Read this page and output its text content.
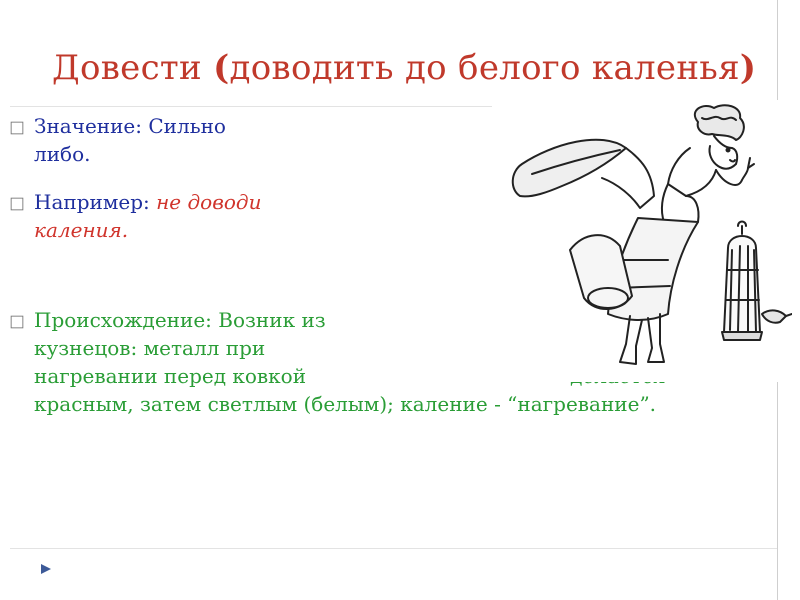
Довести (доводить до белого каленья)
Значение: Сильно
либо.
Например: не доводи
каления.
Происхождение: Возник из
кузнецов: металл при
нагревании перед ковкой
красным, затем светлым (белым); каление - “нагревание”.
